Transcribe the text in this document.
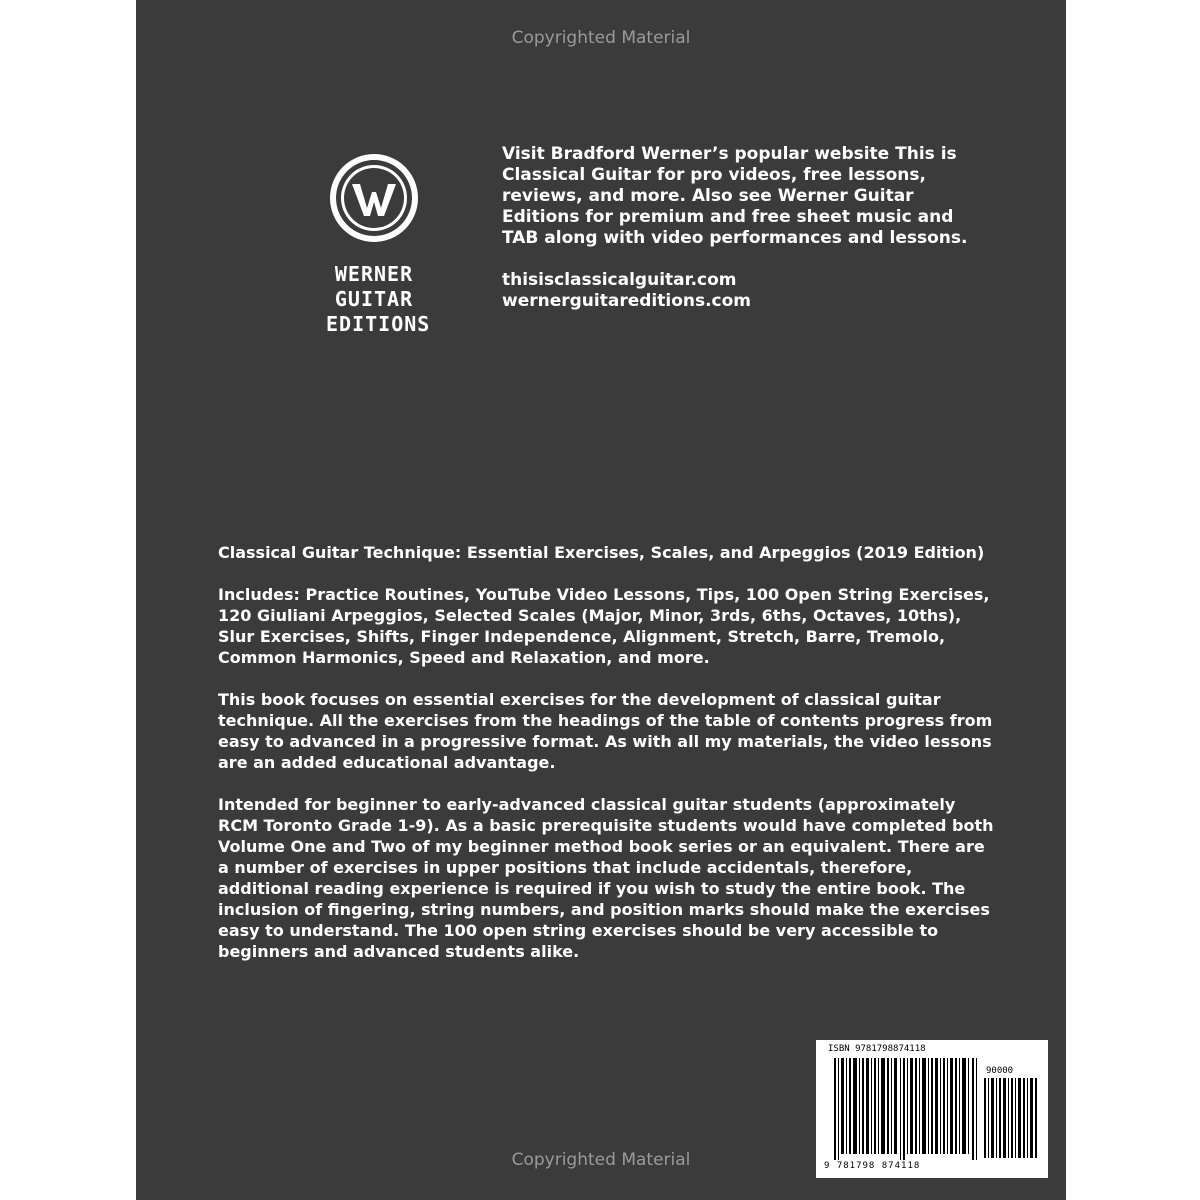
Copyrighted Material
WERNER
GUITAR
EDITIONS
Visit Bradford Werner’s popular website This is Classical Guitar for pro videos, free lessons, reviews, and more. Also see Werner Guitar Editions for premium and free sheet music and TAB along with video performances and lessons.
thisisclassicalguitar.com
wernerguitareditions.com

Classical Guitar Technique: Essential Exercises, Scales, and Arpeggios (2019 Edition)

Includes: Practice Routines, YouTube Video Lessons, Tips, 100 Open String Exercises, 120 Giuliani Arpeggios, Selected Scales (Major, Minor, 3rds, 6ths, Octaves, 10ths), Slur Exercises, Shifts, Finger Independence, Alignment, Stretch, Barre, Tremolo, Common Harmonics, Speed and Relaxation, and more.

This book focuses on essential exercises for the development of classical guitar technique. All the exercises from the headings of the table of contents progress from easy to advanced in a progressive format. As with all my materials, the video lessons are an added educational advantage.

Intended for beginner to early-advanced classical guitar students (approximately RCM Toronto Grade 1-9). As a basic prerequisite students would have completed both Volume One and Two of my beginner method book series or an equivalent. There are a number of exercises in upper positions that include accidentals, therefore, additional reading experience is required if you wish to study the entire book. The inclusion of fingering, string numbers, and position marks should make the exercises easy to understand. The 100 open string exercises should be very accessible to beginners and advanced students alike.

ISBN 9781798874118
90000
9 781798 874118
Copyrighted Material
